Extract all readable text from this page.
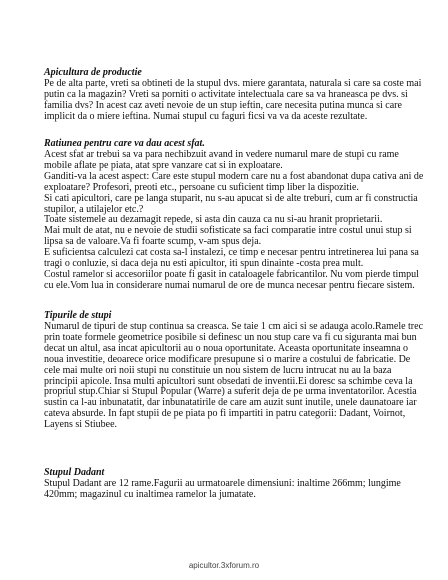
Apicultura de productie
Pe de alta parte, vreti sa obtineti de la stupul dvs. miere garantata, naturala si care sa coste mai
putin ca la magazin? Vreti sa porniti o activitate intelectuala care sa va hraneasca pe dvs. si
familia dvs? In acest caz aveti nevoie de un stup ieftin, care necesita putina munca si care
implicit da o miere ieftina. Numai stupul cu faguri ficsi va va da aceste rezultate.
Ratiunea pentru care va dau acest sfat.
Acest sfat ar trebui sa va para nechibzuit avand in vedere numarul mare de stupi cu rame
mobile aflate pe piata, atat spre vanzare cat si in exploatare.
Ganditi-va la acest aspect: Care este stupul modern care nu a fost abandonat dupa cativa ani de
exploatare? Profesori, preoti etc., persoane cu suficient timp liber la dispozitie.
Si cati apicultori, care pe langa stuparit, nu s-au apucat si de alte treburi, cum ar fi constructia
stupilor, a utilajelor etc.?
Toate sistemele au dezamagit repede, si asta din cauza ca nu si-au hranit proprietarii.
Mai mult de atat, nu e nevoie de studii sofisticate sa faci comparatie intre costul unui stup si
lipsa sa de valoare.Va fi foarte scump, v-am spus deja.
E suficientsa calculezi cat costa sa-l instalezi, ce timp e necesar pentru intretinerea lui pana sa
tragi o conluzie, si daca deja nu esti apicultor, iti spun dinainte -costa prea mult.
Costul ramelor si accesoriilor poate fi gasit in cataloagele fabricantilor. Nu vom pierde timpul
cu ele.Vom lua in considerare numai numarul de ore de munca necesar pentru fiecare sistem.
Tipurile de stupi
Numarul de tipuri de stup continua sa creasca. Se taie 1 cm aici si se adauga acolo.Ramele trec
prin toate formele geometrice posibile si definesc un nou stup care va fi cu siguranta mai bun
decat un altul, asa incat apicultorii au o noua oportunitate. Aceasta oportunitate inseamna o
noua investitie, deoarece orice modificare presupune si o marire a costului de fabricatie. De
cele mai multe ori noii stupi nu constituie un nou sistem de lucru intrucat nu au la baza
principii apicole. Insa multi apicultori sunt obsedati de inventii.Ei doresc sa schimbe ceva la
propriul stup.Chiar si Stupul Popular (Warre) a suferit deja de pe urma inventatorilor. Acestia
sustin ca l-au inbunatatit, dar inbunatatirile de care am auzit sunt inutile, unele daunatoare iar
cateva absurde. In fapt stupii de pe piata po fi impartiti in patru categorii: Dadant, Voirnot,
Layens si Stiubee.
Stupul Dadant
Stupul Dadant are 12 rame.Fagurii au urmatoarele dimensiuni: inaltime 266mm; lungime
420mm; magazinul cu inaltimea ramelor la jumatate.
apicultor.3xforum.ro
